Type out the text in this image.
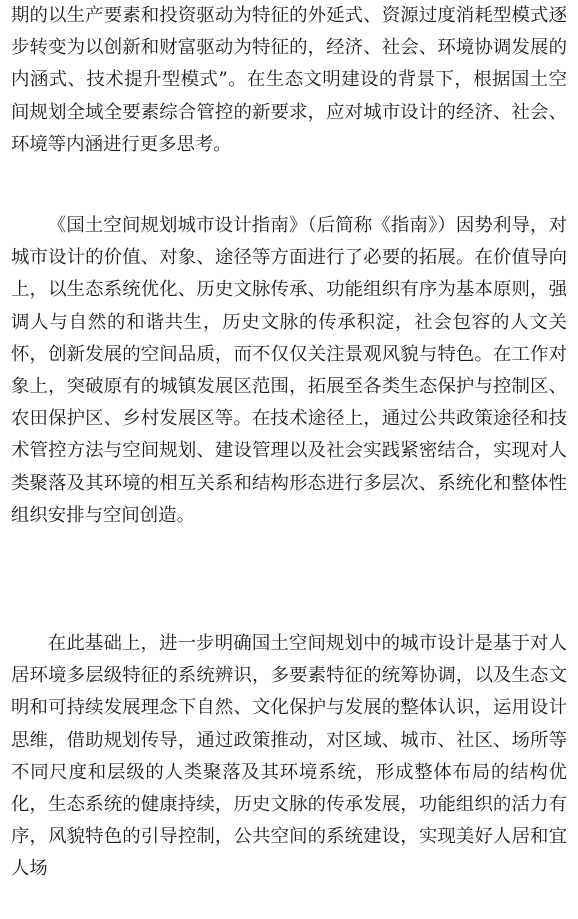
期的以生产要素和投资驱动为特征的外延式、资源过度消耗型模式逐步转变为以创新和财富驱动为特征的，经济、社会、环境协调发展的内涵式、技术提升型模式”。在生态文明建设的背景下，根据国土空间规划全域全要素综合管控的新要求，应对城市设计的经济、社会、环境等内涵进行更多思考。

《国土空间规划城市设计指南》（后简称《指南》）因势利导，对城市设计的价值、对象、途径等方面进行了必要的拓展。在价值导向上，以生态系统优化、历史文脉传承、功能组织有序为基本原则，强调人与自然的和谐共生，历史文脉的传承积淀，社会包容的人文关怀，创新发展的空间品质，而不仅仅关注景观风貌与特色。在工作对象上，突破原有的城镇发展区范围，拓展至各类生态保护与控制区、农田保护区、乡村发展区等。在技术途径上，通过公共政策途径和技术管控方法与空间规划、建设管理以及社会实践紧密结合，实现对人类聚落及其环境的相互关系和结构形态进行多层次、系统化和整体性组织安排与空间创造。

在此基础上，进一步明确国土空间规划中的城市设计是基于对人居环境多层级特征的系统辨识，多要素特征的统筹协调，以及生态文明和可持续发展理念下自然、文化保护与发展的整体认识，运用设计思维，借助规划传导，通过政策推动，对区域、城市、社区、场所等不同尺度和层级的人类聚落及其环境系统，形成整体布局的结构优化，生态系统的健康持续，历史文脉的传承发展，功能组织的活力有序，风貌特色的引导控制，公共空间的系统建设，实现美好人居和宜人场
